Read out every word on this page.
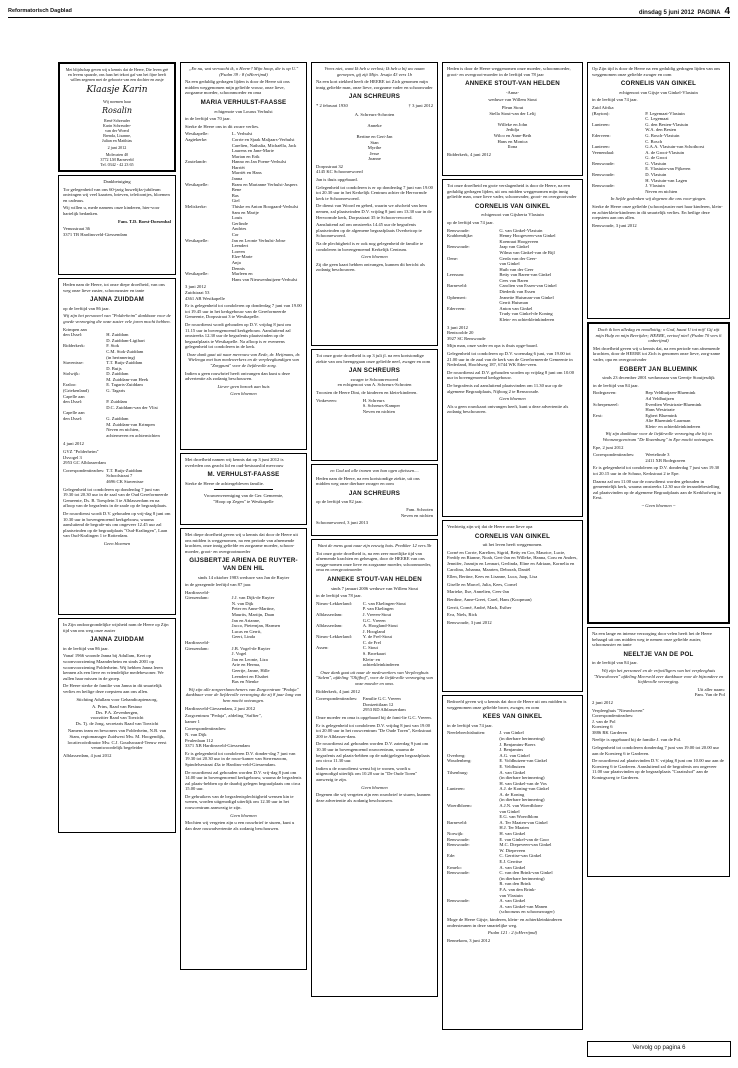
Reformatorisch Dagblad	dinsdag 5 juni 2012 PAGINA 4

Met blijdschap geven wij u kennis dat de Heere, Die leven geë en levens spaarde, ons faan het tekort gaf van het fijne heeft willen zegenen met de geboorte van een dochter en zusje

Klaasje Karin

Wij noemen haar

Rosalin

René Schreuder
Karin Schreuder-
van der Woerd
Brenda, Lisanne,
Julian en Matthias

2 juni 2012

Molecaten 40
3772 LM Barneveld
Tel. 0342 - 42 23 65

Dankbetuiging

Tor gelegenheid van ons 60-jarig huwelijks-jubileum ontvingen wij veel kaarten, brieven, telefoontjes, bloemen en cadeaus.

Wij willen u, mede namens onze kinderen, hier-voor hartelijk bedanken.

Fam. T.D. Boest-Doesenbal

Venusstraat 36
3371 TB Hardinxveld-Giessendam

Heden nam de Heere, tot onze diepe droefheid, van ons weg onze lieve zuster, schoonzuster en tante

JANNA ZUIDDAM

op de leeftijd van 86 jaar.

Wij zijn het personeel van "Polderheim" dankbaar voor de goede verzorging die onze zuster vele jaren mocht hebben.

Krimpen aan
den IJssel:	H. Zuiddam
D. Zuiddam-Ligthart
Ridderkerk:	F. Stok
C.M. Stok-Zuiddam
(in herinnering)
Stavenisse:	T.T. Buijs-Zuiddam
D. Buijs
Stolwijk:	D. Zuiddam
M. Zuiddam-van Heek
Eraloo:	E. Tagarts-Zuiddam
(Griekenland)	G. Tagaris
Capelle aan
den IJssel:	P. Zuiddam
D.C. Zuiddam-van der Vlist
Capelle aan
den IJssel:	G. Zuiddam
M. Zuiddam-van Krimpen
Neven en nichten,
achterneven en achternichten

4 juni 2012

GVZ "Polderheim"
IJsvogel 3
2953 GC Alblasserdam

Correspondentieadres: T.T. Buijs-Zuiddam
Schoolstraat 7
4696 CK Stavenisse

Gelegenheid tot condoleren op donderdag 7 juni van 19.30 tot 20.30 uur in de zaal van de Oud Gereformeerde Gemeente, Ds. B. Toesplein 3 te Alblasserdam en na afloop van de begrafenis in de zaale op de begraafplaats.

De rouwdienst wordt D.V. gehouden op vrij-dag 8 juni om 10.30 uur in bovengenoemd kerkgebouw, waarna aansluitend de begrafe-nis om ongeveer 12.45 uur zal plaatsvinden op de begraafplaats "Oud-Kralingen", Laan van Oud-Kralingen 1 te Rotterdam.

Geen bloemen

In Zijn ondoorgrondelijke wijsheid nam de Heere op Zijn tijd van ons weg onze zuster

JANNA ZUIDDAM

in de leeftijd van 86 jaar.

Vanaf 1966 woonde Janna bij Adullam, Keet op woonvoorziening Maanderheim en sinds 2001 op woonvoorziening Polderheim. Wij hebben Janna leren kennen als een lieve en vriendelijke medebewoner. We zullen haar missen in de groep.

De Heere sterke de familie van Janna in dit smartelijk verlies en heilige deze roepstem aan ons allen.

Stichting Adullam voor Gehandicaptenzorg,

A. Prins, Raad van Bestuur
Drs. P.A. Zevenbergen,
voorzitter Raad van Toezicht
Ds. Tj. de Jong, secretaris Raad van Toezicht

Namens team en bewoners van Polderheim, N.B. van Stam, regiomanager Zuidwest Mw. M. Hoogendijk, locatiecoördinator Mw. C.J. Goudswaard-Teeuw eerst verantwoordelijk begeleider

Alblasserdam, 4 juni 2012

„En nu, wat verwacht ik, o Heere? Mijn hoop, die is op U." (Psalm 39 : 8 (oHerrijmd)

Na een geduldig gedragen lijden is door de Heere uit ons midden weggenomen mijn geliefde vrouw, onze lieve, zorgzame moeder, schoonmoeder en oma

MARIA VERHULST-FAASSE

echtgenote van Lourus Verhulst

in de leeftijd van 70 jaar.

Sterke de Heere ons in dit zware verlies.

Westkapelle:	L. Verhulst
Aagtekerke:	Corrie en Sjaak Maljaars-Verhulst
Carelien, Nathalia, Michaëlla, Jack
Laurens en Jane-Marie
Marian en Erik
Zoutelande:	Hanno en Jan Poene-Verhulst
Harriët
Marriët en Hans
Janna
Westkapelle:	Bram en Marianne Verhulst-Jaspers
Bene
Bas
Giel
Meliskerke:	Thiske en Anton Boogaard-Verhulst
Sam en Marije
Louis
Gerlinde
Andries
Cor
Westkapelle:	Jan en Leonie Verhulst-Jobse
Leendert
Loreen
Elze-Marie
Anja
Dennis
Westkapelle:	Marleen en
Hans van Nieuwenhuijzen-Verhulst

3 juni 2012
Zuidstraat 53
4361 AB Westkapelle

Er is gelegenheid tot condoleren op donderdag 7 juni van 19.00 tot 19.45 uur in het kerkgebouw van de Gereformeerde Gemeente, Dorpsstraat 3 te Westkapelle.

De rouwdienst wordt gehouden op D.V. vrijdag 8 juni om 11.15 uur in bovengenoemd kerkgebouw. Aansluitend zal omstreeks 12.30 uur de begrafenis plaatsvinden op de begraafplaats te Westkapelle. Na afloop is er eveneens gelegenheid tot condoleren in de kerk.

Onze dank gaat uit naar mevrouw van Eede, dr. Heijmans, dr. Wielenga met hun medewerkers en de verpleegkundigen van "Zorgpunt" voor de liefdevolle zorg.

Indien u geen rouwbrief heeft ontvangen dan kunt u deze advertentie als zodanig beschouwen.

Liever geen bezoek aan huis

Geen bloemen

Met droefheid namen wij kennis dat op 3 juni 2012 is overleden ons geacht lid en oud-bestuurslid mevrouw

M. VERHULST-FAASSE

Sterke de Heere de achtergebleven familie.

Vrouwenvereniging van de Ger. Gemeente,
"Hoop op Zegen" te Westkapelle

Met diepe droefheid geven wij u kennis dat door de Heere uit ons midden is weggenomen, na een periode van afnemende krachten, onze innig geliefde en zorgzame moeder, schoon-moeder, groot- en overgrootmoeder

GIJSBERTJE ARIENA DE RUYTER-VAN DEN HIL

sinds 14 oktober 1983 weduwe van Jan de Ruyter

in de gezegende leeftijd van 87 jaar.

Hardinxveld-
Giessendam:	J.J. van Dijk-de Ruyter
N. van Dijk
Peter en Anne-Martine,
Maurits, Martijn, Daan
Jan en Arianne,
Jacco, Pieternjan, Harmen
Lucas en Gerrit,
Geert, Linda
Hardinxveld-
Giessendam:	J.B. Vogel-de Ruyter
J. Vogel
Jan en Leonie, Liza
Arie en Herma,
Geertje, Janne, Hille
Leendert en Elsabet
Bas en Nienke

Wij zijn alle zorgverlanecheners van Zorgcentrum "Pedaja" dankbaar voor de liefdevolle verzorging die zij 8 jaar lang van hem mocht ontvangen.

Hardinxveld-Giessendam, 2 juni 2012

Zorgcentrum "Pedaja", afdeling "Saffier",
kamer 1

Correspondentieadres:
N. van Dijk
Peulenlaan 112
3371 XB Hardinxveld-Giessendam

Er is gelegenheid tot condoleren D.V. donder-dag 7 juni van 19.30 tot 20.30 uur in de rouw-kamer van Sterrenzoom, Spindelsestraat 43a te Hardinx-veld-Giessendam.

De rouwdienst zal gehouden worden D.V. vrij-dag 8 juni om 14.00 uur in bovengenoemd kerkgebouw, waarna de begrafenis zal plaats-hebben op de daarbij gelegen begraafplaats om circa 15.00 uur.

De gebruikers van de begrafenisplechtigheid wensen kin te wenen, worden uitgenodigd uiterlijk om 12.30 uur in het rouwcentrum aanwezig te zijn.

Geen bloemen

Mochten wij vergeten zijn u een rouwbrief te sturen, kunt u dan deze rouwadvertentie als zodanig beschouwen.

Vrees niet, want Ik heb u verlost; Ik heb u bij uw naam geroepen, gij zijt Mijn. Jesaja 43 vers 1b

Na een kort ziekbed heeft de HEERE tot Zich genomen mijn innig geliefde man, onze lieve, zorgzame vader en schoonvader

JAN SCHREURS
* 2 februari 1930	† 3 juni 2012

A. Schreurs-Schroten

Anneke

Bertine en Gert-Jan
Stan
Myrthe
Jesse
Joanne

Dorpsstraat 32
4145 KC Schoonrewoerd

Jan is thuis opgebaard.

Gelegenheid tot condoleren is er op donderdag 7 juni van 19.00 tot 20.30 uur in het Kerkelijk Centrum achter de Hervormde kerk te Schoonrewoerd.

De dienst van Woord en gebed, waarin we afscheid van hem nemen, zal plaatsvinden D.V. vrijdag 8 juni om 13.30 uur in de Hervormde kerk, Dorpsstraat 35 te Schoon-rewoerd.

Aansluitend zal om omstreeks 14.45 uur de begrafenis plaatsvinden op de algemene begraafplaats Overheicop te Schoonrewoerd.

Na de plechtigheid is er ook nog gelegenheid de familie te condoleren in bovengenoemd Kerkelijk Centrum.

Geen bloemen

Zij die geen kaart hebben ontvangen, kunnen dit bericht als zodanig beschouwen.

Tot onze grote droefheid is op 3 juli jl. na een kortstondige ziekte van ons heengegaan onze geliefde neef, zwager en oom

JAN SCHREURS

zwager te Schoonrewoerd
en echtgenoot van A. Schreurs-Schroten

Troosten de Heere Dini, de kinderen en klein-kinderen.

Vinkeveen:	H. Schreurs
S. Schreurs-Kamper
Neven en nichten

en God zal alle tranen van hun ogen afwissen....

Heden nam de Heere, na een kortstondige ziekte, uit ons midden weg onze dierbare zwager en oom

JAN SCHREURS

op de leeftijd van 82 jaar.

Fam. Schroten
Neven en nichten

Schoonrewoerd, 3 juni 2013

Want de mens gaat naar zijn eeuwig huis. Prediker 12 vers 5b

Tot onze grote droefheid is, na een zeer moeilijke tijd van afnemende krachten en geheugen, door de HEERE van ons wegge-nomen onze lieve en zorgzame moeder, schoonmoeder, oma en overgrootmoeder

ANNEKE STOUT-VAN HELDEN

sinds 7 januari 2006 weduwe van Willem Stout

in de leeftijd van 78 jaar.

Nieuw-Lekkerland:	C. van Ekelingen-Stout
P. van Ekelingen
Alblasserdam:	J. Vreeen-Stout
G.C. Vreeen
Alblasserdam:	A. Hoogland-Stout
J. Hoogland
Nieuw-Lekkerland:	Y. de Frel-Stout
C. de Frel
Assen:	C. Stout
S. Broekaart
Klein- en
achterkleinkinderen

Onze dank gaat uit naar de medewerkers van Verpleeghuis "Salem", afdeling "Olijfhof", voor de liefdevolle verzorging van onze moeder en oma.

Ridderkerk, 4 juni 2012

Correspondentieadres:	Familie G.C. Vreeen
Donizettilaan 12
2953 RD Alblasserdam

Onze moeder en oma is opgebaard bij de fami-lie G.C. Vreeen.

Er is gelegenheid tot condoleren D.V. vrijdag 8 juni van 19.00 tot 20.00 uur in het rouwcentrum "De Oude Toren", Kerkstraat 200 te Alblasser-dam.

De rouwdienst zal gehouden worden D.V. zaterdag 9 juni om 10.30 uur in bovengenoemd rouwcentrum, waarna de begrafenis zal plaats-hebben op de nabijgelegen begraafplaats om circa 11.30 uur.

Indien u de rouwdienst wenst bij te wonen, wordt u uitgenodigd uiterlijk om 10.20 uur in "De Oude Toren" aanwezig te zijn.

Geen bloemen

Degenen die wij vergeten zijn een rouwbrief te sturen, kunnen deze advertentie als zodanig beschouwen.

Heden is door de Heere weggenomen onze moeder, schoonmoeder, groot- en overgroot-moeder in de leeftijd van 78 jaar

ANNEKE STOUT-VAN HELDEN

-Anna-

weduwe van Willem Stout

Pleun Stout
Stella Stout-van der Lelij

Willeke en John
Jedidja
Wilco en Anne-Beth
Hans en Monica
Ilona

Ridderkerk, 4 juni 2012

Tot onze droefheid en grote verslagenheid is door de Heere, na een geduldig gedragen lijden, uit ons midden weggenomen mijn innig geliefde man, onze lieve vader, schoonvader, groot- en overgrootvader

CORNELIS VAN GINKEL

echtgenoot van Gijsberta Vlastuin

op de leeftijd van 74 jaar.

Renswoude:	G. van Ginkel-Vlastuin
Krabbendijke:	Henny Hoogeveen-van Ginkel
Koenraat Hoogeveen
Renswoude:	Jaap van Ginkel
Wilma van Ginkel-van de Bijl
Oene:	Gerda van der Geer-
van Ginkel
Huib van der Geer
Leersum:	Betty van Baren-van Ginkel
Cees van Baren
Barneveld:	Carolien van Essen-van Ginkel
Diederik van Essen
Ophemert:	Jeanette Huisman-van Ginkel
Gerrit Huisman
Ederveen:	Anton van Ginkel
Trudy van Ginkel-de Koning
Klein- en achterkleinkinderen

3 juni 2012
Bentsoolde 20
3927 SC Renswoude

Mijn man, onze vader en opa is thuis opge-baard.

Gelegenheid tot condoleren op D.V. woensdag 6 juni, van 19.00 tot 21.00 uur in de zaal van de kerk van de Gereformeerde Gemeente in Nederland, Hoofdweg 187, 6744 WK Eder-veen.

De rouwdienst zal D.V. gehouden worden op vrijdag 8 juni om 10.00 uur in bovengenoemd kerkgebouw.

De begrafenis zal aansluitend plaatsvinden om 11.30 uur op de algemene Begraafplaats, Nijborg 2 te Renswoude.

Geen bloemen

Als u geen rouwkaart ontvangen heeft, kunt u deze advertentie als zodanig beschouwen.

Verdrietig zijn wij dat de Heere onze lieve opa

CORNELIS VAN GINKEL

uit het leven heeft weggenomen.

Corné en Corrie, Karelien, Sigrid, Betty en Cor, Maurice, Lucie, Freddy en Rianne, Noah, Gert-Jan en Willeke, Hanna, Coru en Andres, Jennifer, Jasmijn en Lennart, Gerlinda, Eline en Adriaan, Kornelia en Carolina, Johanna, Maarten, Deborah, Daniël

Ellen, Bertine, Kees en Lisanne, Luca, Jaap, Lisa

Giselle en Marcel, Julia, Kees, Cornel

Marieke, Ilse, Annelien, Cees-Jan

Berdine, Anne-Greet, Carel, Hans (Koopman)

Gerrit, Corné, André, Mark, Esther

Eva, Niels, Rick

Renswoude, 3 juni 2012

Bedroefd geven wij u kennis dat door de Heere uit ons midden is weggenomen onze geliefde broer, zwager, en oom

KEES VAN GINKEL

in de leeftijd van 74 jaar.

Neerlebrechtsbuiten:	J. van Ginkel
(in dierbare herinnering)
J. Benjamins-Boers
J. Benjamins
Overberg:	A.G. van Ginkel
Woudenberg:	E. Voldhuizen-van Ginkel
E. Veldhuizen
Tilsenburg:	A. van Ginkel
(in dierbare herinnering)
H. van Ginkel-van de Vos
Lunteren:	A.J. de Koning-van Ginkel
A. de Koning
(in dierbare herinnering)
Woerdbloem:	A.J.N. van Woerdblom-
van Ginkel
E.G. van Woerdblom
Barneveld:	A. Ter Maaten-van Ginkel
H.J. Ter Maaten
Norwijk:	H. van Ginkel
Renswoude:	E. van Ginkel-van de Goor
Renswoude:	M.C. Diepeveen-van Ginkel
W. Diepeveen
Ede:	C. Gerritse-van Ginkel
E.J. Gerritse
Ermelo:	A. van Ginkel
Renswoude:	C. van den Brink-van Ginkel
(in dierbare herinnering)
R. van den Brink
F.A. van den Brink-
van Vlastuin
Renswoude:	A. van Ginkel
A. van Ginkel-van Manen
(schoonzus en schoonzwager)

Moge de Heere Gijsje, kinderen, klein- en achterkleinkinderen ondersteunen in deze smartelijke weg.

Psalm 121 : 2 (oHerrijmd)

Bennekom, 3 juni 2012

Op Zijn tijd is door de Heere na een geduldig gedragen lijden van ons weggenomen onze geliefde zwager en oom

CORNELIS VAN GINKEL

echtgenoot van Gijsje van Ginkel-Vlastuin

in de leeftijd van 74 jaar.

Zuid Afrika
(Bayton):	P. Legemaat-Vlastuin
C. Legemaat
Lunteren:	G. den Besten-Vlastuin
W.A. den Besten
Ederveen:	G. Bosch-Vlastuin
C. Bosch
Lunteren:	G.A.A. Vlastuin-van Schothorst
Veenendaal:	A. de Groot-Vlastuin
G. de Groot
Renswoude:	G. Vlastuin
E. Vlastuin-van Pijkeren
Renswoude:	D. Vlastuin
H. Vlastuin-van Lagen
Renswoude:	J. Vlastuin
Neven en nichten

In liefde gedenken wij degenen die ons voor-gingen.

Sterke de Heere onze geliefde (schoon)zuster met haar kinderen, klein- en achterklein-kinderen in dit smartelijk verlies. En heilige deze roepstem aan ons allen.

Renswoude, 3 juni 2012

Doch ik ben alledag en noodlottig; o God, haast U tot mij! Gij zijt mijn Hulp en mijn Bevrijder; HEERE, vertoef niet! (Psalm 70 vers 6 onberijmd)

Met droefheid geven wij u kennis dat, na een periode van afnemende krachten, door de HEERE tot Zich is genomen onze lieve, zorg-zame vader, opa en overgrootvader

EGBERT JAN BLUEMINK

sinds 23 december 2001 weduwnaar van Geertje Stoutjesdijk

in de leeftijd van 84 jaar.

Bodegraven:	Bep Veldhuijzen-Bluemink
Ad Veldhuijzen
Scherpenzeel:	Everdien Westrtrate-Bluemink
Hans Westrtrate
Eext:	Egbert Bluemink
Alie Bluemink-Laarman
Klein- en achterkleinkinderen

Wij zijn dankbaar voor de liefdevolle verzorging die hij in Woonzorgcentrum "De Rozenburg" in Epe mocht ontvangen.

Epe, 2 juni 2012

Correspondentieadres:	Weetelinde 3
2411 XB Bodegraven

Er is gelegenheid tot condoleren op D.V. donderdag 7 juni van 19.30 tot 20.15 uur in de Schuur, Kerkstraat 2 te Epe.

Daarna zal om 11.00 uur de rouwdienst worden gehouden in gemeentelijk kerk, waarna omstreeks 12.30 uur de teraardebestelling zal plaatsvinden op de algemene Begraafplaats aan de Kerkhofweg in Eext.

~ Geen bloemen ~

Na een lange en intense verzorging door velen heeft het de Heere behaagd uit ons midden weg te nemen onze geliefde zuster, schoonzuster en tante

NEELTJE VAN DE POL

in de leeftijd van 84 jaar.

Wij zijn het personeel en de vrijwilligers van het verpleeghuis "Nieuwhoven" afdeling Meerveld zeer dankbaar voor de bijzondere en liefdevolle verzorging.

Uit aller naam:
Fam. Van de Pol

2 juni 2012

Verpleeghuis "Nieuwhoven"
Correspondentieadres:
J. van de Pol
Koesteeg 6
3886 RK Garderen

Neeltje is opgebaard bij de familie J. van de Pol.

Gelegenheid tot condoleren donderdag 7 juni van 19.00 tot 20.00 uur aan de Koesteeg 6 te Garderen.

De rouwdienst zal plaatsvinden D.V. vrijdag 8 juni om 10.00 uur aan de Koesteeg 6 te Garderen. Aansluitend zal de begrafenis om ongeveer 11.00 uur plaatsvinden op de begraafplaats "Craatsshof" aan de Koningsweg te Garderen.

Vervolg op pagina 6
